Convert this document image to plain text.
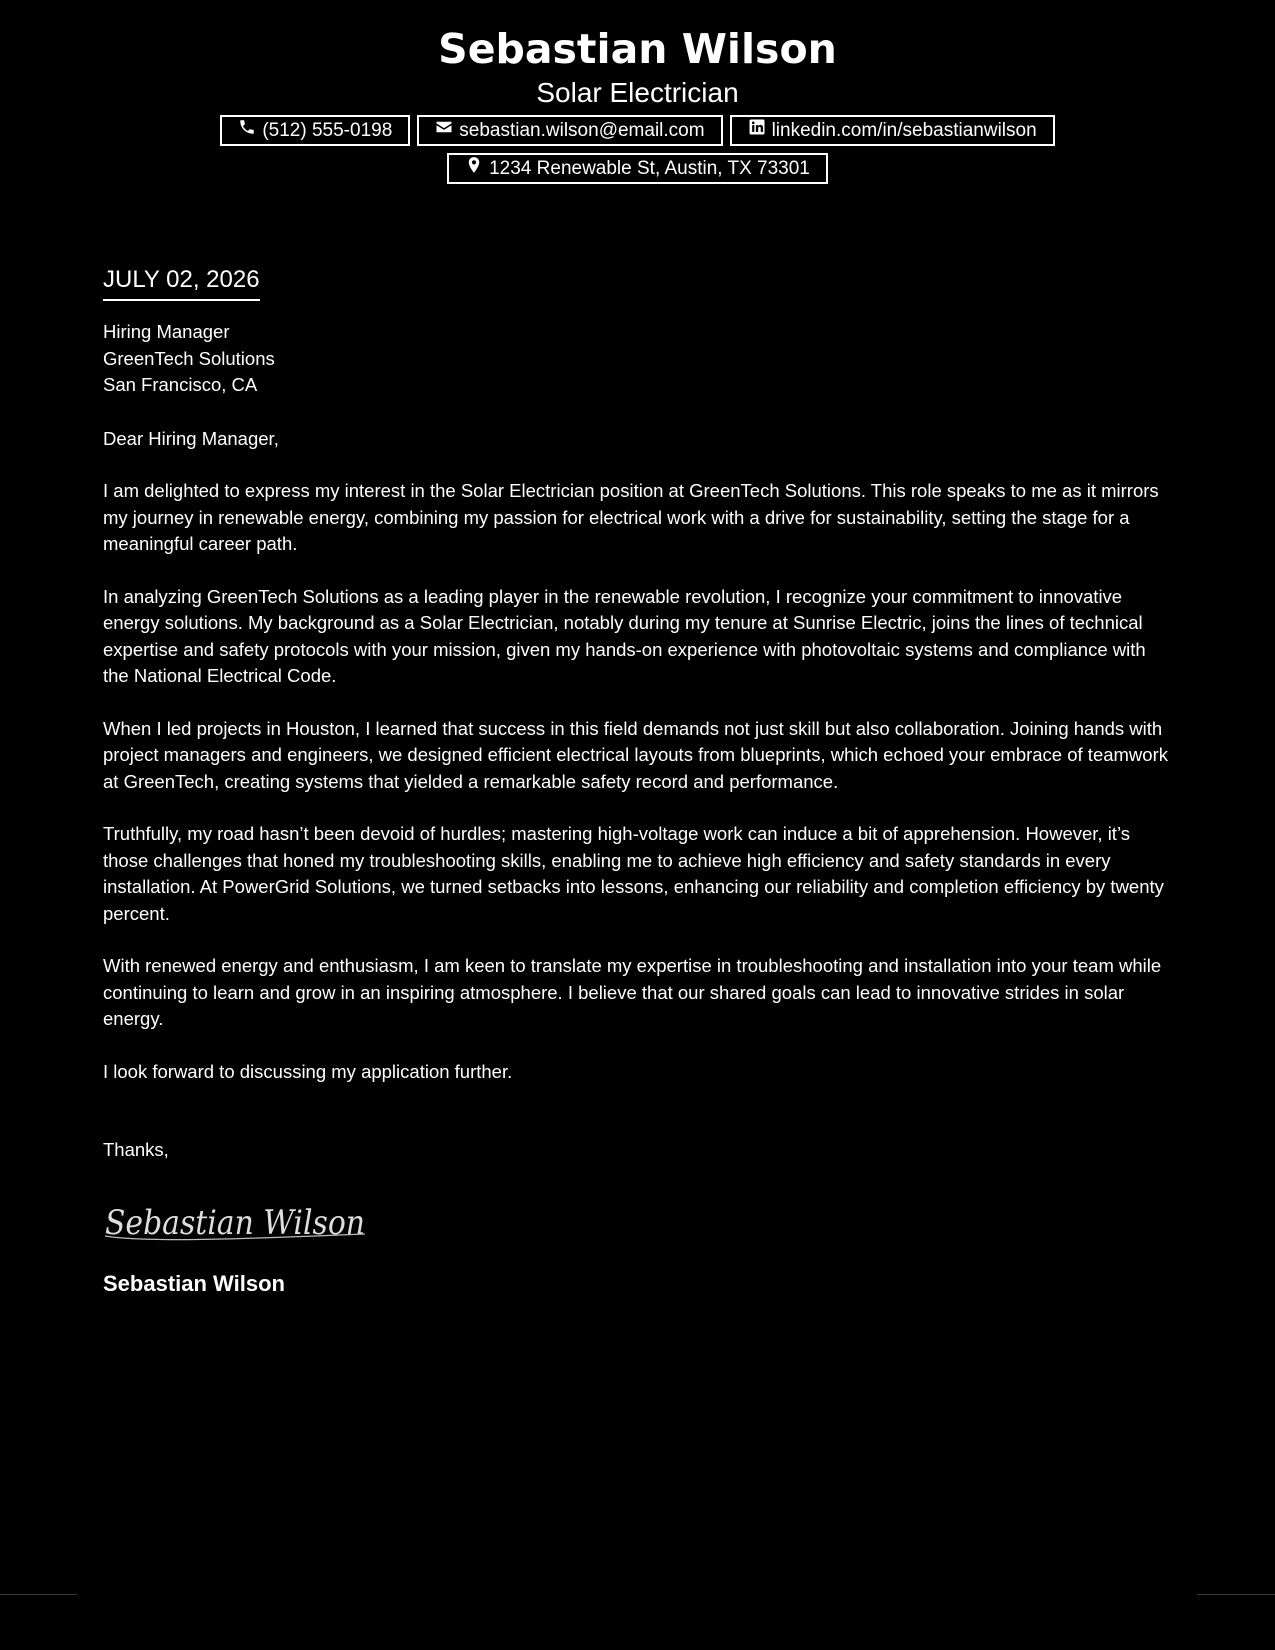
Sebastian Wilson
Solar Electrician
(512) 555-0198	sebastian.wilson@email.com	linkedin.com/in/sebastianwilson
1234 Renewable St, Austin, TX 73301
JULY 02, 2026
Hiring Manager
GreenTech Solutions
San Francisco, CA
Dear Hiring Manager,

I am delighted to express my interest in the Solar Electrician position at GreenTech Solutions. This role speaks to me as it mirrors my journey in renewable energy, combining my passion for electrical work with a drive for sustainability, setting the stage for a meaningful career path.

In analyzing GreenTech Solutions as a leading player in the renewable revolution, I recognize your commitment to innovative energy solutions. My background as a Solar Electrician, notably during my tenure at Sunrise Electric, joins the lines of technical expertise and safety protocols with your mission, given my hands-on experience with photovoltaic systems and compliance with the National Electrical Code.

When I led projects in Houston, I learned that success in this field demands not just skill but also collaboration. Joining hands with project managers and engineers, we designed efficient electrical layouts from blueprints, which echoed your embrace of teamwork at GreenTech, creating systems that yielded a remarkable safety record and performance.

Truthfully, my road hasn’t been devoid of hurdles; mastering high-voltage work can induce a bit of apprehension. However, it’s those challenges that honed my troubleshooting skills, enabling me to achieve high efficiency and safety standards in every installation. At PowerGrid Solutions, we turned setbacks into lessons, enhancing our reliability and completion efficiency by twenty percent.

With renewed energy and enthusiasm, I am keen to translate my expertise in troubleshooting and installation into your team while continuing to learn and grow in an inspiring atmosphere. I believe that our shared goals can lead to innovative strides in solar energy.

I look forward to discussing my application further.

Thanks,
Sebastian Wilson
Sebastian Wilson
